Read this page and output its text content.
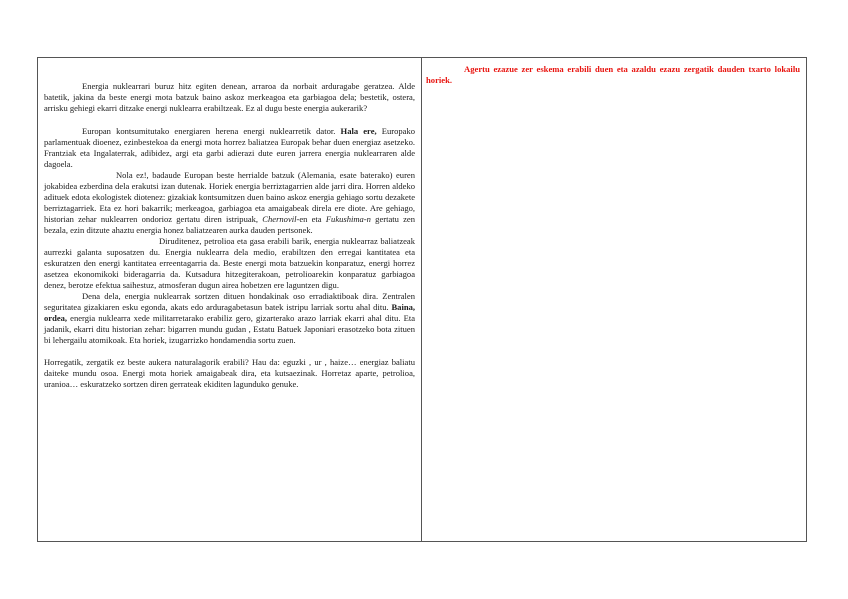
Energia nuklearrari buruz hitz egiten denean, arraroa da norbait arduragabe geratzea. Alde batetik, jakina da beste energi mota batzuk baino askoz merkeagoa eta garbiagoa dela; bestetik, ostera, arrisku gehiegi ekarri ditzake energi nuklearra erabiltzeak. Ez al dugu beste energia aukerarik?

Europan kontsumitutako energiaren herena energi nuklearretik dator. Hala ere, Europako parlamentuak dioenez, ezinbestekoa da energi mota horrez baliatzea Europak behar duen energiaz asetzeko. Frantziak eta Ingalaterrak, adibidez, argi eta garbi adierazi dute euren jarrera energia nuklearraren alde dagoela.

Nola ez!, badaude Europan beste herrialde batzuk (Alemania, esate baterako) euren jokabidea ezberdina dela erakutsi izan dutenak. Horiek energia berriztagarrien alde jarri dira. Horren aldeko adituek edota ekologistek diotenez: gizakiak kontsumitzen duen baino askoz energia gehiago sortu dezakete berriztagarriek. Eta ez hori bakarrik; merkeagoa, garbiagoa eta amaigabeak direla ere diote. Are gehiago, historian zehar nuklearren ondorioz gertatu diren istripuak, Chernovil-en eta Fukushima-n gertatu zen bezala, ezin ditzute ahaztu energia honez baliatzearen aurka dauden pertsonek.

Diruditenez, petrolioa eta gasa erabili barik, energia nuklearraz baliatzeak aurrezki galanta suposatzen du. Energia nuklearra dela medio, erabiltzen den erregai kantitatea eta eskuratzen den energi kantitatea erreentagarria da. Beste energi mota batzuekin konparatuz, energi horrez asetzea ekonomikoki bideragarria da. Kutsadura hitzegiterakoan, petrolioarekin konparatuz garbiagoa denez, berotze efektua saihestuz, atmosferan dugun airea hobetzen ere laguntzen digu.

Dena dela, energia nuklearrak sortzen dituen hondakinak oso erradiaktiboak dira. Zentralen seguritatea gizakiaren esku egonda, akats edo arduragabetasun batek istripu larriak sortu ahal ditu. Baina, ordea, energia nuklearra xede militarretarako erabiliz gero, gizarterako arazo larriak ekarri ahal ditu. Eta jadanik, ekarri ditu historian zehar: bigarren mundu gudan , Estatu Batuek Japoniari erasotzeko bota zituen bi lehergailu atomikoak. Eta horiek, izugarrizko hondamendia sortu zuen.

Horregatik, zergatik ez beste aukera naturalagorik erabili? Hau da: eguzki , ur , haize… energiaz baliatu daiteke mundu osoa. Energi mota horiek amaigabeak dira, eta kutsaezinak. Horretaz aparte, petrolioa, uranioa… eskuratzeko sortzen diren gerrateak ekiditen lagunduko genuke.

Agertu ezazue zer eskema erabili duen eta azaldu ezazu zergatik dauden txarto lokailu horiek.
